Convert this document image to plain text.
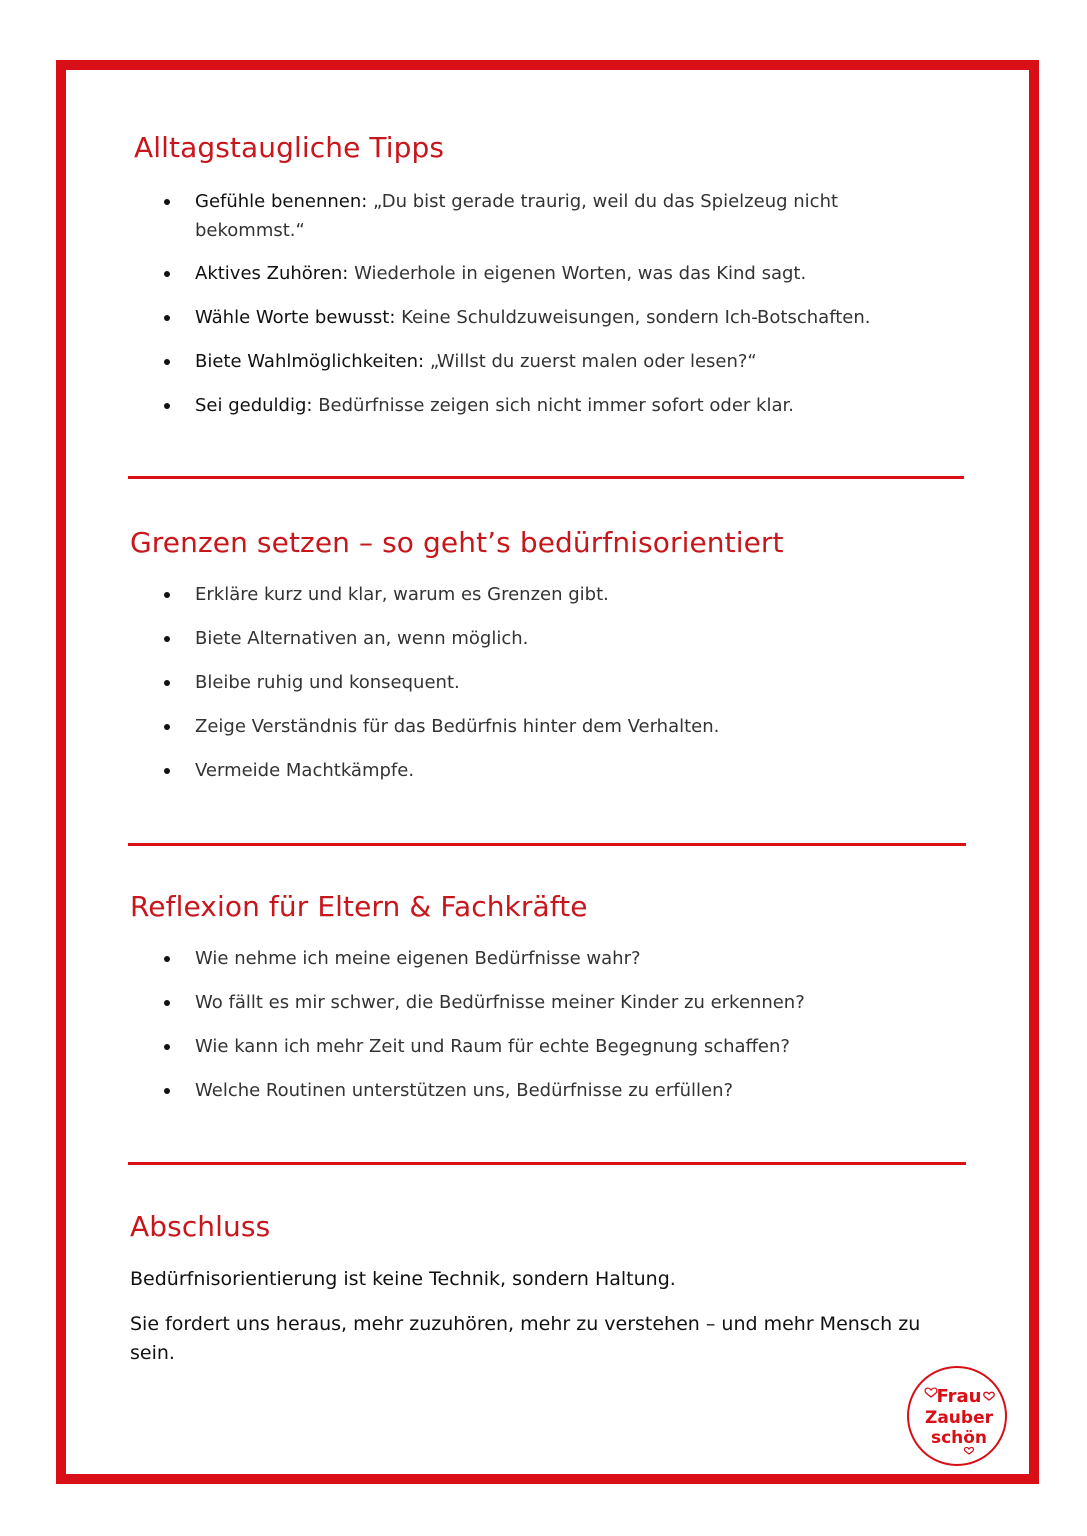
Alltagstaugliche Tipps
Gefühle benennen: „Du bist gerade traurig, weil du das Spielzeug nicht bekommst.“
Aktives Zuhören: Wiederhole in eigenen Worten, was das Kind sagt.
Wähle Worte bewusst: Keine Schuldzuweisungen, sondern Ich-Botschaften.
Biete Wahlmöglichkeiten: „Willst du zuerst malen oder lesen?“
Sei geduldig: Bedürfnisse zeigen sich nicht immer sofort oder klar.
Grenzen setzen – so geht’s bedürfnisorientiert
Erkläre kurz und klar, warum es Grenzen gibt.
Biete Alternativen an, wenn möglich.
Bleibe ruhig und konsequent.
Zeige Verständnis für das Bedürfnis hinter dem Verhalten.
Vermeide Machtkämpfe.
Reflexion für Eltern & Fachkräfte
Wie nehme ich meine eigenen Bedürfnisse wahr?
Wo fällt es mir schwer, die Bedürfnisse meiner Kinder zu erkennen?
Wie kann ich mehr Zeit und Raum für echte Begegnung schaffen?
Welche Routinen unterstützen uns, Bedürfnisse zu erfüllen?
Abschluss

Bedürfnisorientierung ist keine Technik, sondern Haltung.

Sie fordert uns heraus, mehr zuzuhören, mehr zu verstehen – und mehr Mensch zu sein.

Frau
Zauber
schön
